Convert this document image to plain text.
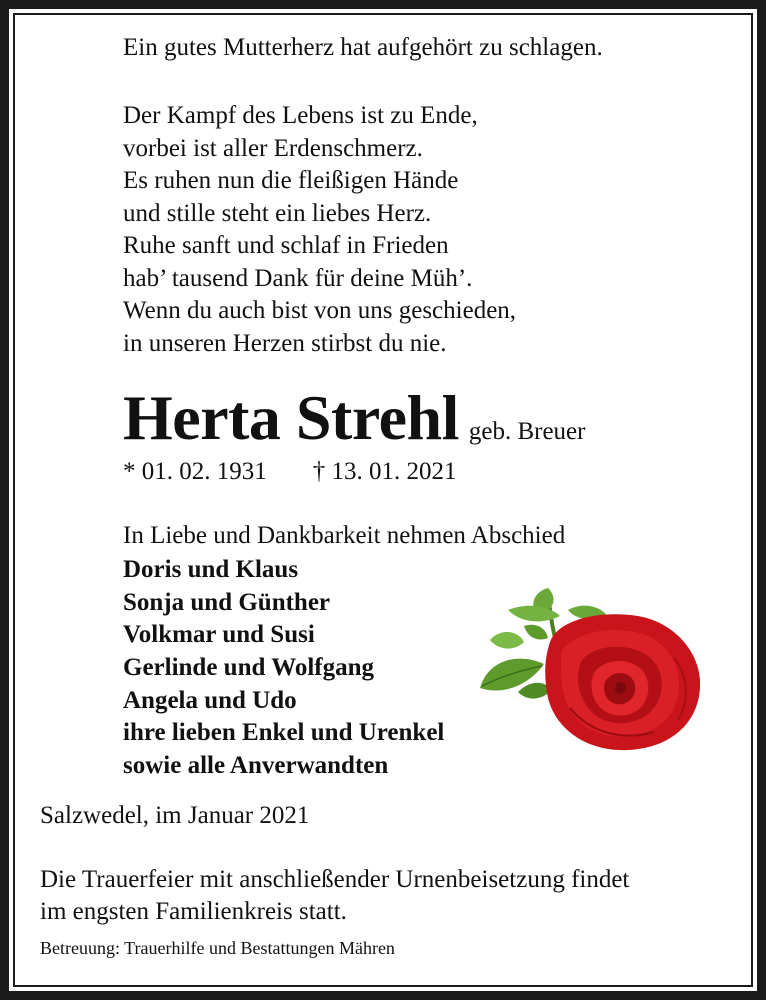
Ein gutes Mutterherz hat aufgehört zu schlagen.

Der Kampf des Lebens ist zu Ende,
vorbei ist aller Erdenschmerz.
Es ruhen nun die fleißigen Hände
und stille steht ein liebes Herz.
Ruhe sanft und schlaf in Frieden
hab’ tausend Dank für deine Müh’.
Wenn du auch bist von uns geschieden,
in unseren Herzen stirbst du nie.
Herta Strehl geb. Breuer
* 01. 02. 1931 † 13. 01. 2021

In Liebe und Dankbarkeit nehmen Abschied

Doris und Klaus
Sonja und Günther
Volkmar und Susi
Gerlinde und Wolfgang
Angela und Udo
ihre lieben Enkel und Urenkel
sowie alle Anverwandten

Salzwedel, im Januar 2021

Die Trauerfeier mit anschließender Urnenbeisetzung findet
im engsten Familienkreis statt.

Betreuung: Trauerhilfe und Bestattungen Mähren
